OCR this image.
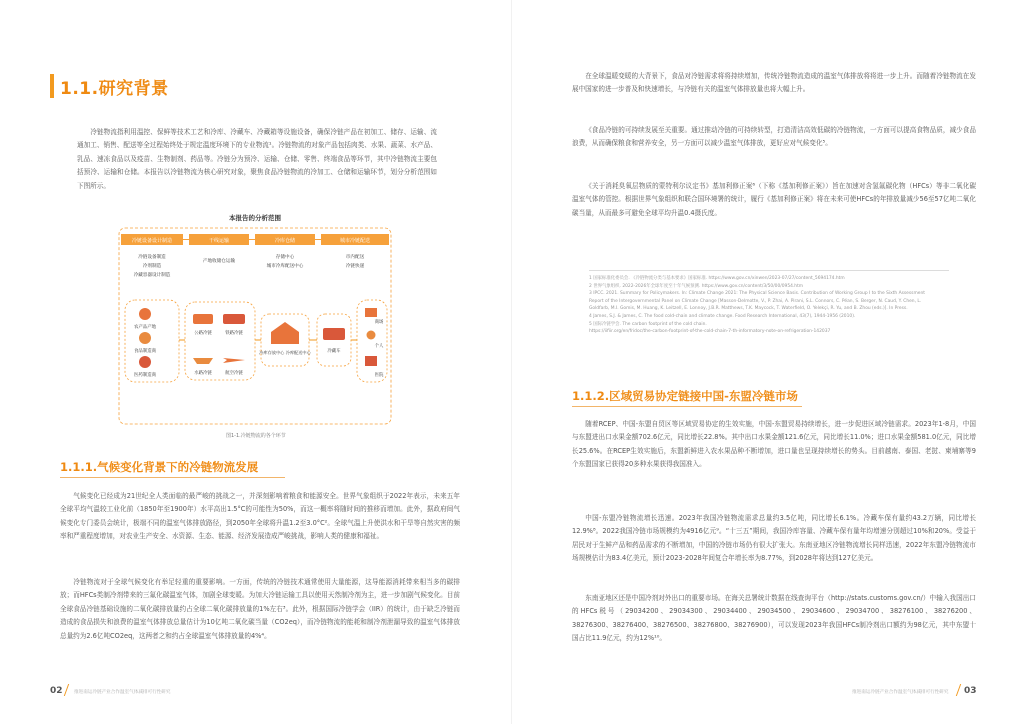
1.1.研究背景

冷链物流指利用温控、保鲜等技术工艺和冷库、冷藏车、冷藏箱等设施设备，确保冷链产品在初加工、储存、运输、流通加工、销售、配送等全过程始终处于规定温度环境下的专业物流¹。冷链物流的对象产品包括肉类、水果、蔬菜、水产品、乳品、速冻食品以及疫苗、生物制剂、药品等。冷链分为预冷、运输、仓储、零售、终端食品等环节，其中冷链物流主要包括预冷、运输和仓储。本报告以冷链物流为核心研究对象，聚焦食品冷链物流的冷加工、仓储和运输环节，划分分析范围如下图所示。

本报告的分析范围
冷链设备设计制造	干线运输	冷库仓储	城市冷链配送
冷链设备制造
冷剂制造
冷藏容器设计制造
产地收储仓运输
存储中心
城市冷库配送中心
市内配送
冷链快递
农产品产地
食品制造商
医药制造商
公路冷链	铁路冷链
水路冷链	航空冷链
冷库存放中心 冷库配送中心	冷藏车
商场
个人
医院
图1-1.冷链物流的各个环节
1.1.1.气候变化背景下的冷链物流发展

气候变化已经成为21世纪全人类面临的最严峻的挑战之一，并深刻影响着粮食和能源安全。世界气象组织于2022年表示，未来五年全球平均气温较工业化前（1850年至1900年）水平高出1.5°C的可能性为50%，而这一概率将随时间的推移而增加。此外，据政府间气候变化专门委员会统计，极端不同的温室气体排放路径，到2050年全球将升温1.2至3.0°C²。全球气温上升使洪水和干旱等自然灾害的频率和严重程度增加，对农业生产安全、水资源、生态、能源、经济发展造成严峻挑战，影响人类的健康和福祉。

冷链物流对于全球气候变化有举足轻重的重要影响。一方面，传统的冷链技术通常使用大量能源，这导能源消耗带来相当多的碳排放；而HFCs类制冷剂带来的三氟化碳温室气体，加剧全球变暖。为加大冷链运输工具以使用天然制冷剂为主，进一步加剧气候变化。目前全球食品冷链基础设施的二氧化碳排放量约占全球二氧化碳排放量的1%左右³。此外，根据国际冷链学会（IIR）的统计，由于缺乏冷链而造成的食品损失和浪费的温室气体排放总量估计为10亿吨二氧化碳当量（CO2eq），而冷链物流的能耗和制冷剂泄漏导致的温室气体排放总量约为2.6亿吨CO2eq，这两者之和约占全球温室气体排放量的4%⁴。

02 推进南运冷链产业合作温室气体减排可行性研究

在全球温暖变暖的大背景下，食品对冷链需求将将持续增加，传统冷链物流造成的温室气体排放将将进一步上升。而随着冷链物流在发展中国家的进一步普及和快速增长，与冷链有关的温室气体排放量也将大幅上升。

《食品冷链的可持续发展至关重要。通过推动冷链的可持续转型，打造清洁高效低碳的冷链物流，一方面可以提高食物品质，减少食品浪费，从而确保粮食和营养安全，另一方面可以减少温室气体排放，更好应对气候变化⁵。

《关于消耗臭氧层物质的蒙特利尔议定书》基加利修正案⁶（下称《基加利修正案》）旨在加速对含氢氟碳化物（HFCs）等非二氧化碳温室气体的管控。根据世界气象组织和联合国环境署的统计，履行《基加利修正案》将在未来可使HFCs的年排放量减少56至57亿吨二氧化碳当量，从而最多可避免全球平均升温0.4摄氏度。

1 国家标准化委员会. 《冷链物流分类与基本要求》国家标准. https://www.gov.cn/xinwen/2023-07/27/content_5694174.htm
2 世界气象组织. 2022-2026年全球年度至十年气候预测. https://www.gov.cn/content/3/50/00/0954.htm
3 IPCC. 2021. Summary for Policymakers. In: Climate Change 2021: The Physical Science Basis. Contribution of Working Group I to the Sixth Assessment
Report of the Intergovernmental Panel on Climate Change [Masson-Delmotte, V., P. Zhai, A. Pirani, S.L. Connors, C. Péan, S. Berger, N. Caud, Y. Chen, L.
Goldfarb, M.I. Gomis, M. Huang, K. Leitzell, E. Lonnoy, J.B.R. Matthews, T.K. Maycock, T. Waterfield, O. Yelekçi, R. Yu, and B. Zhou (eds.)]. In Press.
4 James, S.J. & James, C. The food cold-chain and climate change. Food Research International, 43(7), 1944-1956 (2010).
5 国际冷链学会. The carbon footprint of the cold chain.
https://iifiir.org/en/fridoc/the-carbon-footprint-of-the-cold-chain-7-th-informatory-note-on-refrigeration-142037
1.1.2.区域贸易协定链接中国-东盟冷链市场

随着RCEP、中国-东盟自贸区等区域贸易协定的生效实施，中国-东盟贸易持续增长，进一步促进区域冷链需求。2023年1-8月，中国与东盟进出口水果金额702.6亿元，同比增长22.8%。其中出口水果金额121.6亿元，同比增长11.0%；进口水果金额581.0亿元，同比增长25.6%。在RCEP生效实施后，东盟新鲜进入农水果品种不断增加，进口量也呈现持续增长的势头。目前越南、泰国、老挝、柬埔寨等9个东盟国家已获得20多种水果获得我国准入。

中国-东盟冷链物流增长迅速。2023年我国冷链物流需求总量约3.5亿吨，同比增长6.1%。冷藏车保有量约43.2万辆，同比增长12.9%⁸。2022我国冷链市场规模约为4916亿元⁹。“十三五”期间，我国冷库容量、冷藏车保有量年均增速分别超过10%和20%。受益于居民对于生鲜产品和药品需求的不断增加，中国的冷链市场仍有很大扩张大。东南亚地区冷链物流增长同样迅速，2022年东盟冷链物流市场规模估计为83.4亿美元，预计2023-2028年间复合年增长率为8.77%，到2028年将达到127亿美元。

东南亚地区还是中国冷剂对外出口的重要市场。在海关总署统计数据在线查询平台（http://stats.customs.gov.cn/）中输入我国出口的HFCs税号（29034200、29034300、29034400、29034500、29034600、29034700、38276100、38276200、38276300、38276400、38276500、38276800、38276900），可以发现2023年我国HFCs制冷剂出口额约为98亿元，其中东盟十国占比11.9亿元，约为12%¹⁰。

推进南运冷链产业合作温室气体减排可行性研究 03
